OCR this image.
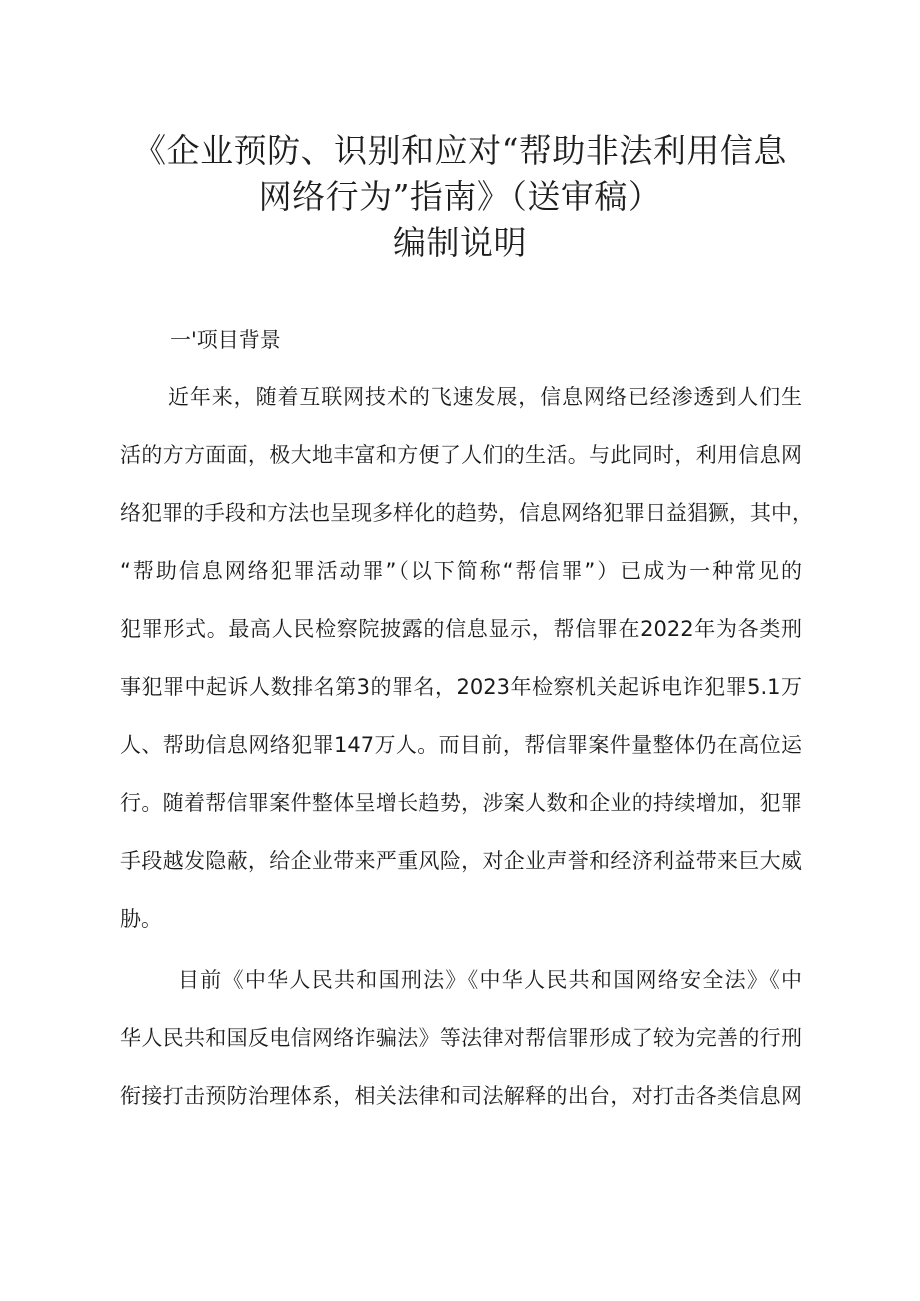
《企业预防、识别和应对“帮助非法利用信息
网络行为”指南》（送审稿）
编制说明
一'项目背景
近年来，随着互联网技术的飞速发展，信息网络已经渗透到人们生
活的方方面面，极大地丰富和方便了人们的生活。与此同时，利用信息网
络犯罪的手段和方法也呈现多样化的趋势，信息网络犯罪日益猖獗，其中，
“帮助信息网络犯罪活动罪”（以下简称“帮信罪”）已成为一种常见的
犯罪形式。最高人民检察院披露的信息显示，帮信罪在2022年为各类刑
事犯罪中起诉人数排名第3的罪名，2023年检察机关起诉电诈犯罪5.1万
人、帮助信息网络犯罪147万人。而目前，帮信罪案件量整体仍在高位运
行。随着帮信罪案件整体呈增长趋势，涉案人数和企业的持续增加，犯罪
手段越发隐蔽，给企业带来严重风险，对企业声誉和经济利益带来巨大威
胁。
目前《中华人民共和国刑法》《中华人民共和国网络安全法》《中
华人民共和国反电信网络诈骗法》等法律对帮信罪形成了较为完善的行刑
衔接打击预防治理体系，相关法律和司法解释的出台，对打击各类信息网
